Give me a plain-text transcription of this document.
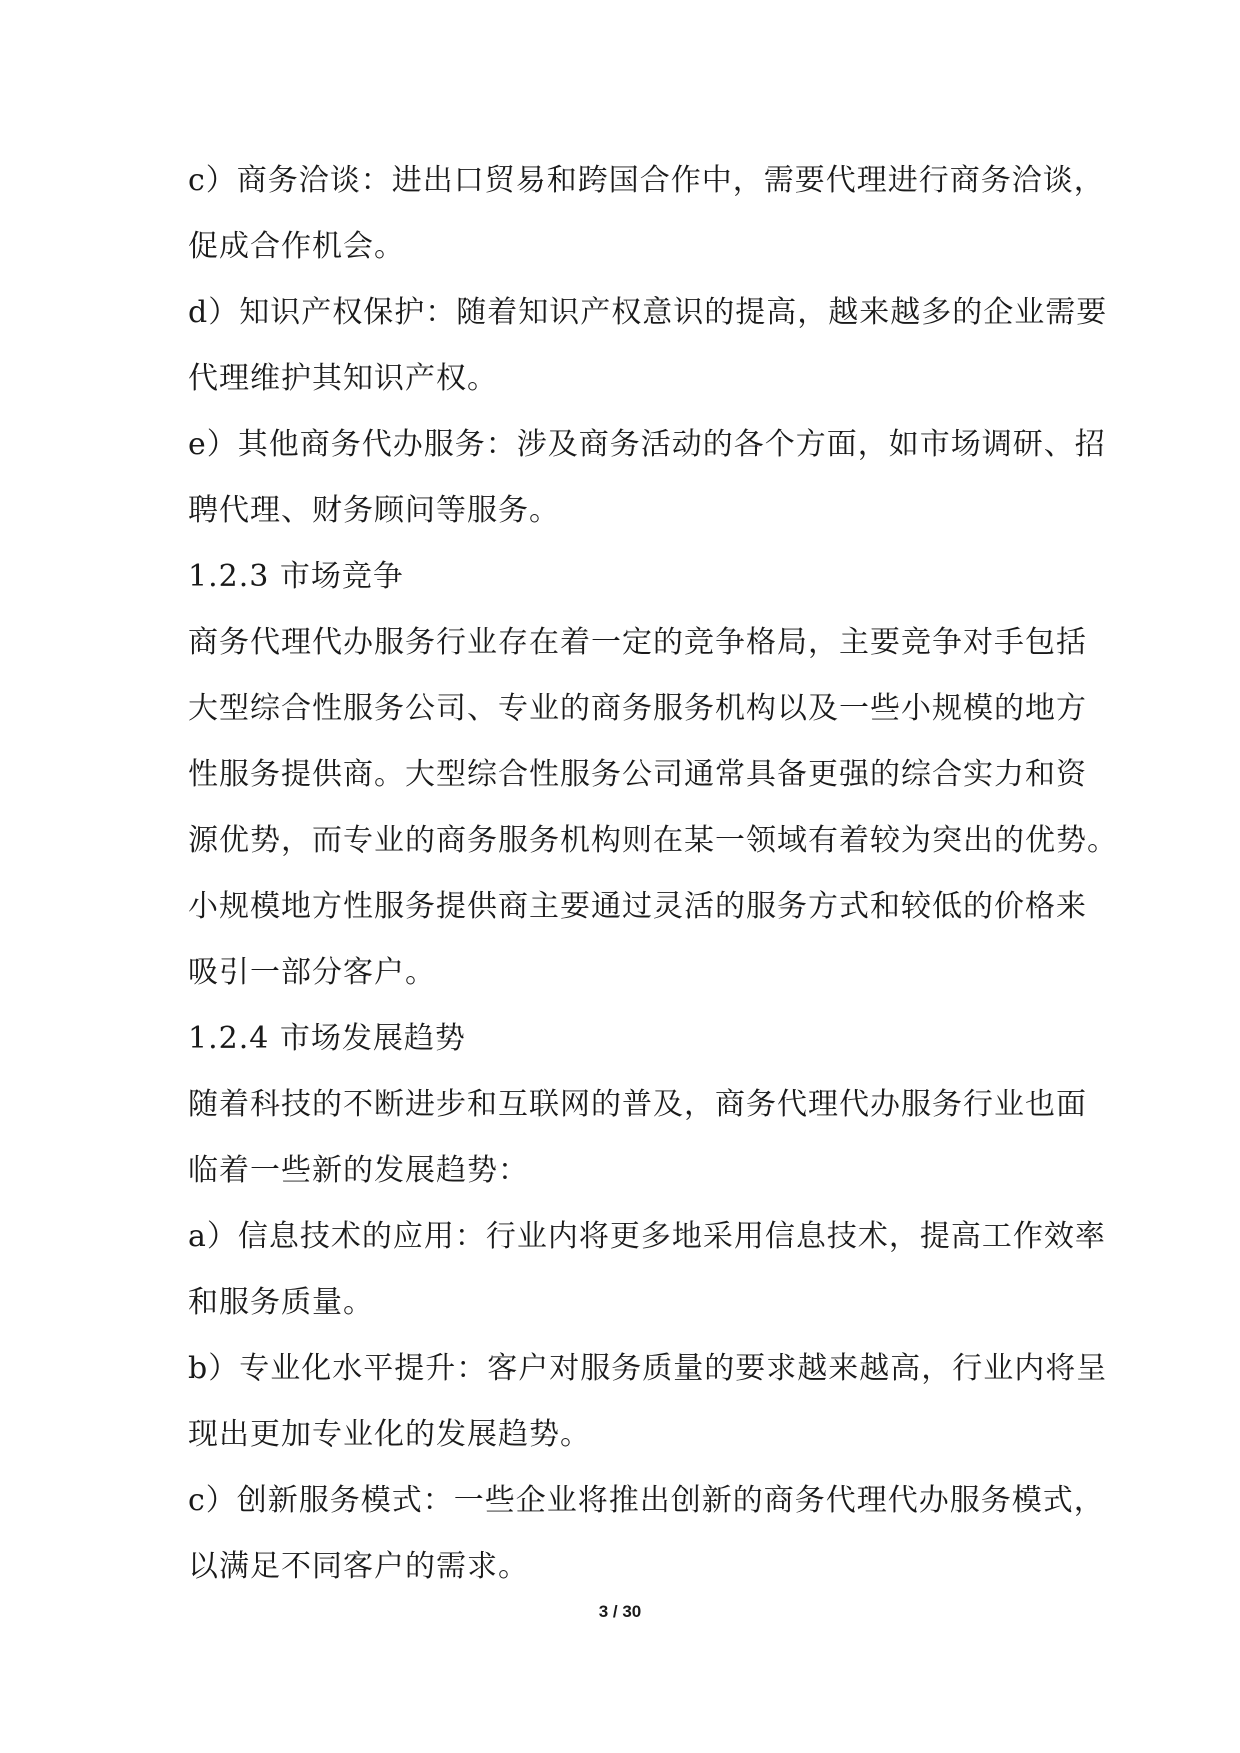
c）商务洽谈：进出口贸易和跨国合作中，需要代理进行商务洽谈，
促成合作机会。
d）知识产权保护：随着知识产权意识的提高，越来越多的企业需要
代理维护其知识产权。
e）其他商务代办服务：涉及商务活动的各个方面，如市场调研、招
聘代理、财务顾问等服务。
1.2.3 市场竞争
商务代理代办服务行业存在着一定的竞争格局，主要竞争对手包括
大型综合性服务公司、专业的商务服务机构以及一些小规模的地方
性服务提供商。大型综合性服务公司通常具备更强的综合实力和资
源优势，而专业的商务服务机构则在某一领域有着较为突出的优势。
小规模地方性服务提供商主要通过灵活的服务方式和较低的价格来
吸引一部分客户。
1.2.4 市场发展趋势
随着科技的不断进步和互联网的普及，商务代理代办服务行业也面
临着一些新的发展趋势：
a）信息技术的应用：行业内将更多地采用信息技术，提高工作效率
和服务质量。
b）专业化水平提升：客户对服务质量的要求越来越高，行业内将呈
现出更加专业化的发展趋势。
c）创新服务模式：一些企业将推出创新的商务代理代办服务模式，
以满足不同客户的需求。
3 / 30
